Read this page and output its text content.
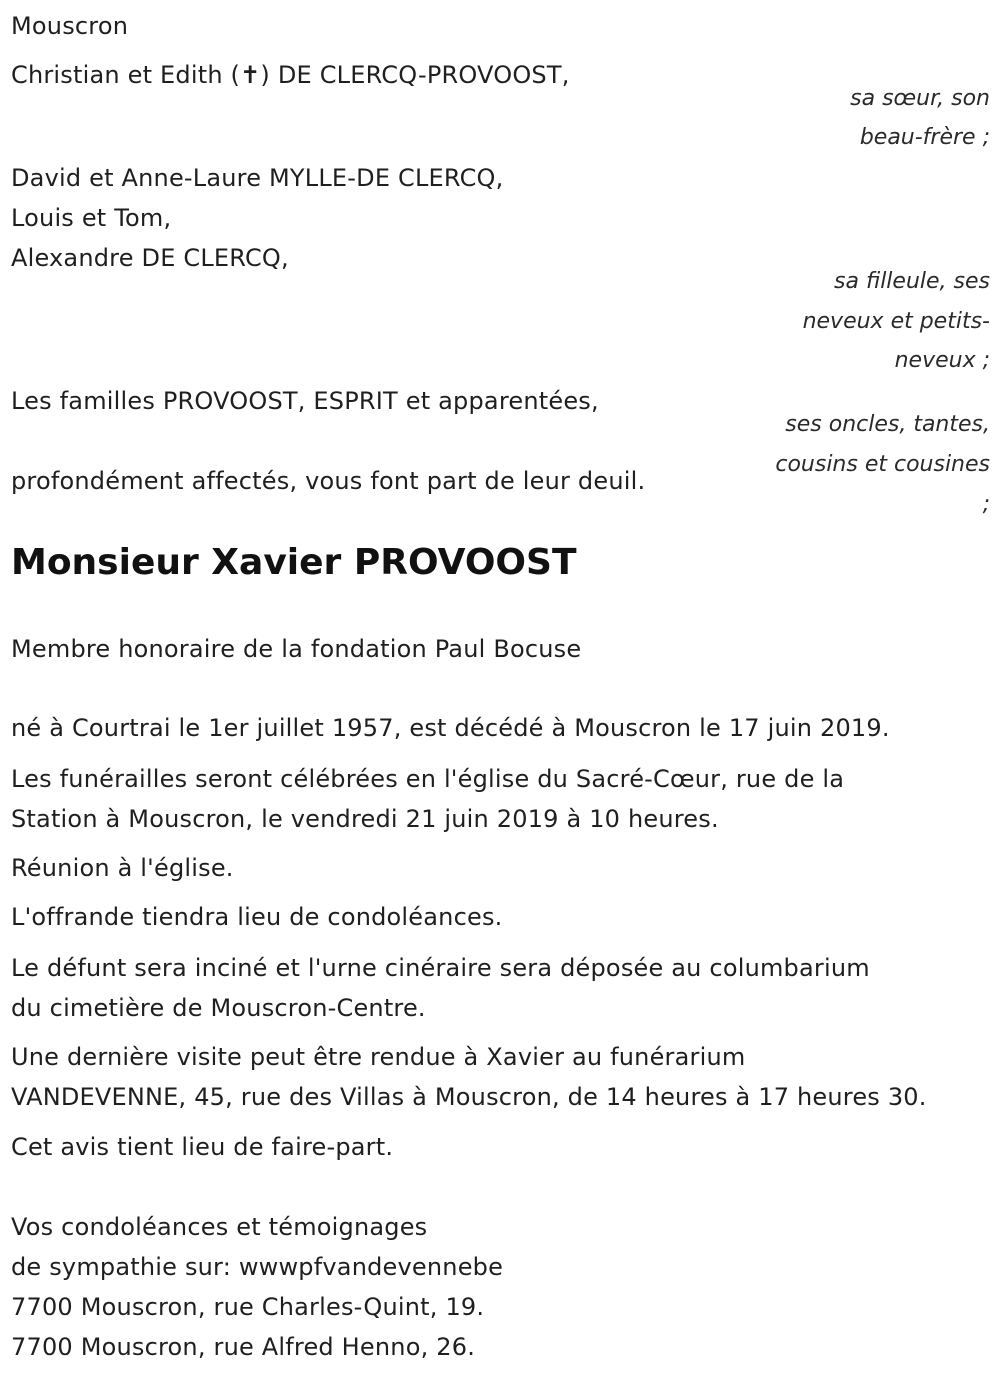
Mouscron
Christian et Edith (✝) DE CLERCQ-PROVOOST,
sa sœur, son
beau-frère ;
David et Anne-Laure MYLLE-DE CLERCQ,
Louis et Tom,
Alexandre DE CLERCQ,
sa filleule, ses
neveux et petits-
neveux ;
Les familles PROVOOST, ESPRIT et apparentées,
ses oncles, tantes,
cousins et cousines
;
profondément affectés, vous font part de leur deuil.
Monsieur Xavier PROVOOST
Membre honoraire de la fondation Paul Bocuse
né à Courtrai le 1er juillet 1957, est décédé à Mouscron le 17 juin 2019.
Les funérailles seront célébrées en l'église du Sacré-Cœur, rue de la
Station à Mouscron, le vendredi 21 juin 2019 à 10 heures.
Réunion à l'église.
L'offrande tiendra lieu de condoléances.
Le défunt sera inciné et l'urne cinéraire sera déposée au columbarium
du cimetière de Mouscron-Centre.
Une dernière visite peut être rendue à Xavier au funérarium
VANDEVENNE, 45, rue des Villas à Mouscron, de 14 heures à 17 heures 30.
Cet avis tient lieu de faire-part.
Vos condoléances et témoignages
de sympathie sur: wwwpfvandevennebe
7700 Mouscron, rue Charles-Quint, 19.
7700 Mouscron, rue Alfred Henno, 26.
